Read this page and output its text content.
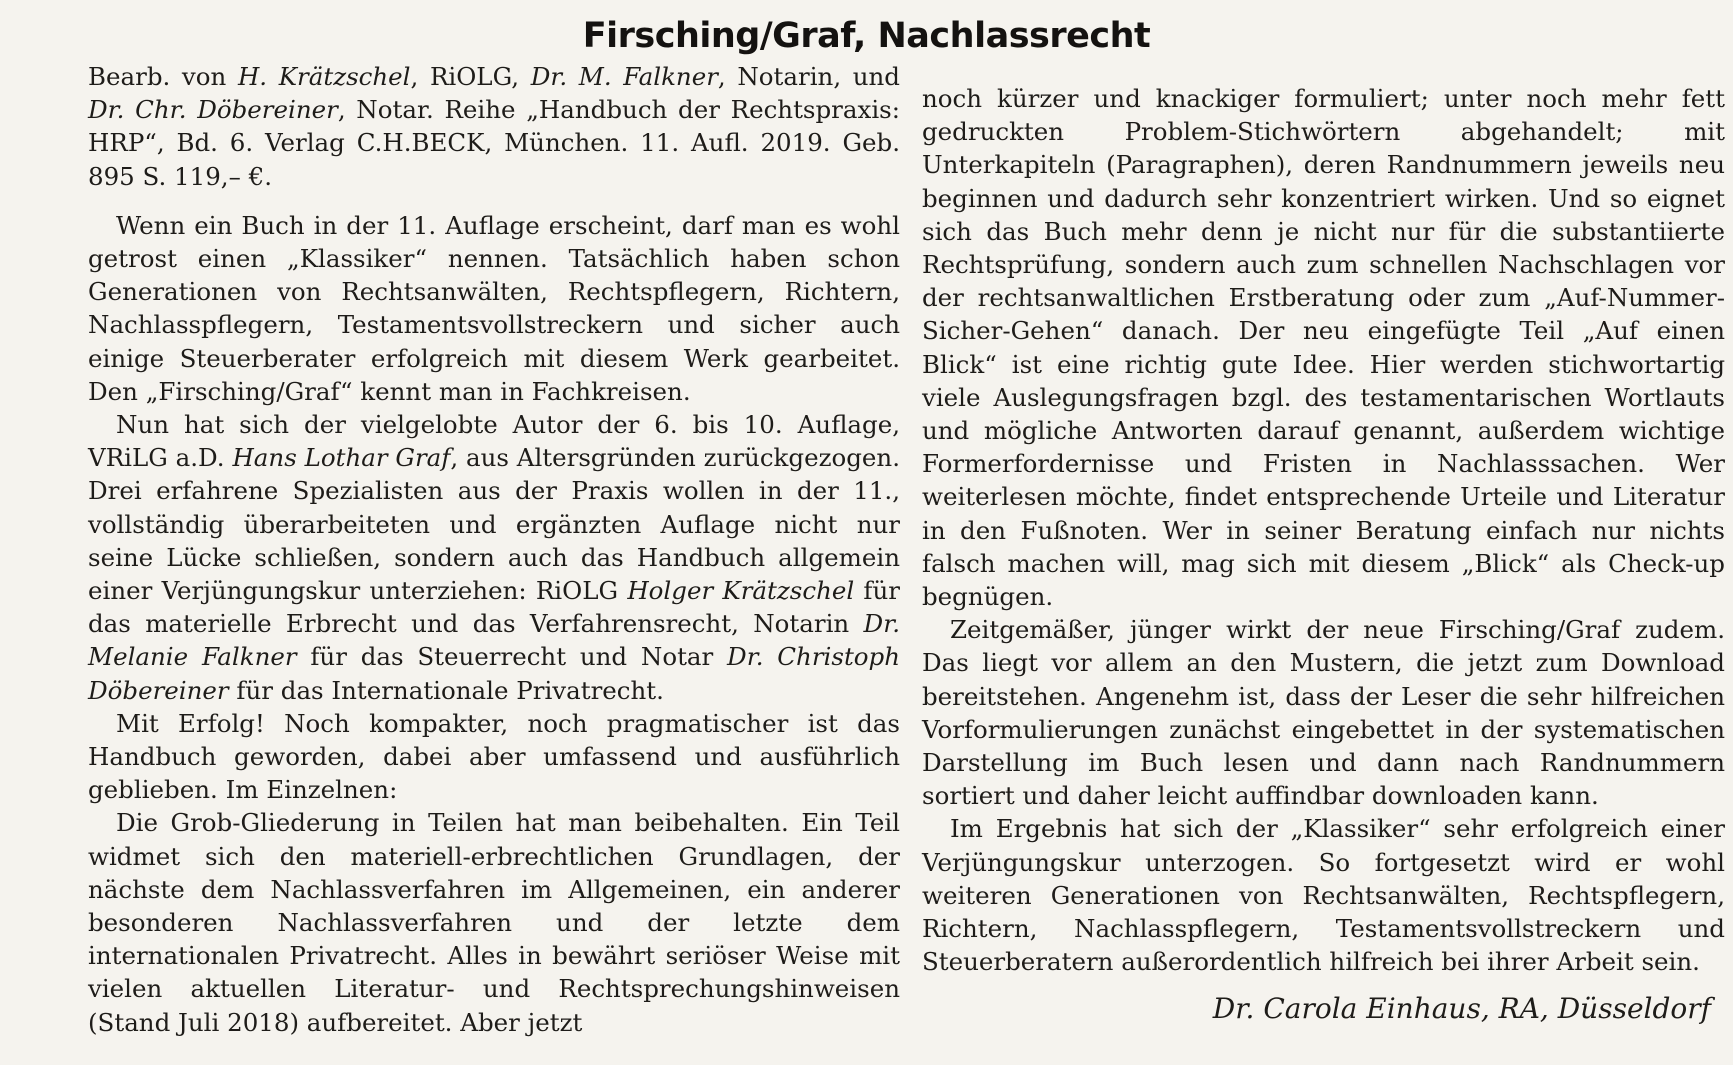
Firsching/Graf, Nachlassrecht

Bearb. von H. Krätzschel, RiOLG, Dr. M. Falkner, Notarin, und Dr. Chr. Döbereiner, Notar. Reihe „Handbuch der Rechtspraxis: HRP“, Bd. 6. Verlag C.H.BECK, München. 11. Aufl. 2019. Geb. 895 S. 119,– €.

Wenn ein Buch in der 11. Auflage erscheint, darf man es wohl getrost einen „Klassiker“ nennen. Tatsächlich haben schon Generationen von Rechtsanwälten, Rechtspflegern, Richtern, Nachlasspflegern, Testamentsvollstreckern und sicher auch einige Steuerberater erfolgreich mit diesem Werk gearbeitet. Den „Firsching/Graf“ kennt man in Fachkreisen.

Nun hat sich der vielgelobte Autor der 6. bis 10. Auflage, VRiLG a.D. Hans Lothar Graf, aus Altersgründen zurückgezogen. Drei erfahrene Spezialisten aus der Praxis wollen in der 11., vollständig überarbeiteten und ergänzten Auflage nicht nur seine Lücke schließen, sondern auch das Handbuch allgemein einer Verjüngungskur unterziehen: RiOLG Holger Krätzschel für das materielle Erbrecht und das Verfahrensrecht, Notarin Dr. Melanie Falkner für das Steuerrecht und Notar Dr. Christoph Döbereiner für das Internationale Privatrecht.

Mit Erfolg! Noch kompakter, noch pragmatischer ist das Handbuch geworden, dabei aber umfassend und ausführlich geblieben. Im Einzelnen:

Die Grob-Gliederung in Teilen hat man beibehalten. Ein Teil widmet sich den materiell-erbrechtlichen Grundlagen, der nächste dem Nachlassverfahren im Allgemeinen, ein anderer besonderen Nachlassverfahren und der letzte dem internationalen Privatrecht. Alles in bewährt seriöser Weise mit vielen aktuellen Literatur- und Rechtsprechungshinweisen (Stand Juli 2018) aufbereitet. Aber jetzt

noch kürzer und knackiger formuliert; unter noch mehr fett gedruckten Problem-Stichwörtern abgehandelt; mit Unterkapiteln (Paragraphen), deren Randnummern jeweils neu beginnen und dadurch sehr konzentriert wirken. Und so eignet sich das Buch mehr denn je nicht nur für die substantiierte Rechtsprüfung, sondern auch zum schnellen Nachschlagen vor der rechtsanwaltlichen Erstberatung oder zum „Auf-Nummer-Sicher-Gehen“ danach. Der neu eingefügte Teil „Auf einen Blick“ ist eine richtig gute Idee. Hier werden stichwortartig viele Auslegungsfragen bzgl. des testamentarischen Wortlauts und mögliche Antworten darauf genannt, außerdem wichtige Formerfordernisse und Fristen in Nachlasssachen. Wer weiterlesen möchte, findet entsprechende Urteile und Literatur in den Fußnoten. Wer in seiner Beratung einfach nur nichts falsch machen will, mag sich mit diesem „Blick“ als Check-up begnügen.

Zeitgemäßer, jünger wirkt der neue Firsching/Graf zudem. Das liegt vor allem an den Mustern, die jetzt zum Download bereitstehen. Angenehm ist, dass der Leser die sehr hilfreichen Vorformulierungen zunächst eingebettet in der systematischen Darstellung im Buch lesen und dann nach Randnummern sortiert und daher leicht auffindbar downloaden kann.

Im Ergebnis hat sich der „Klassiker“ sehr erfolgreich einer Verjüngungskur unterzogen. So fortgesetzt wird er wohl weiteren Generationen von Rechtsanwälten, Rechtspflegern, Richtern, Nachlasspflegern, Testamentsvollstreckern und Steuerberatern außerordentlich hilfreich bei ihrer Arbeit sein.

Dr. Carola Einhaus, RA, Düsseldorf
